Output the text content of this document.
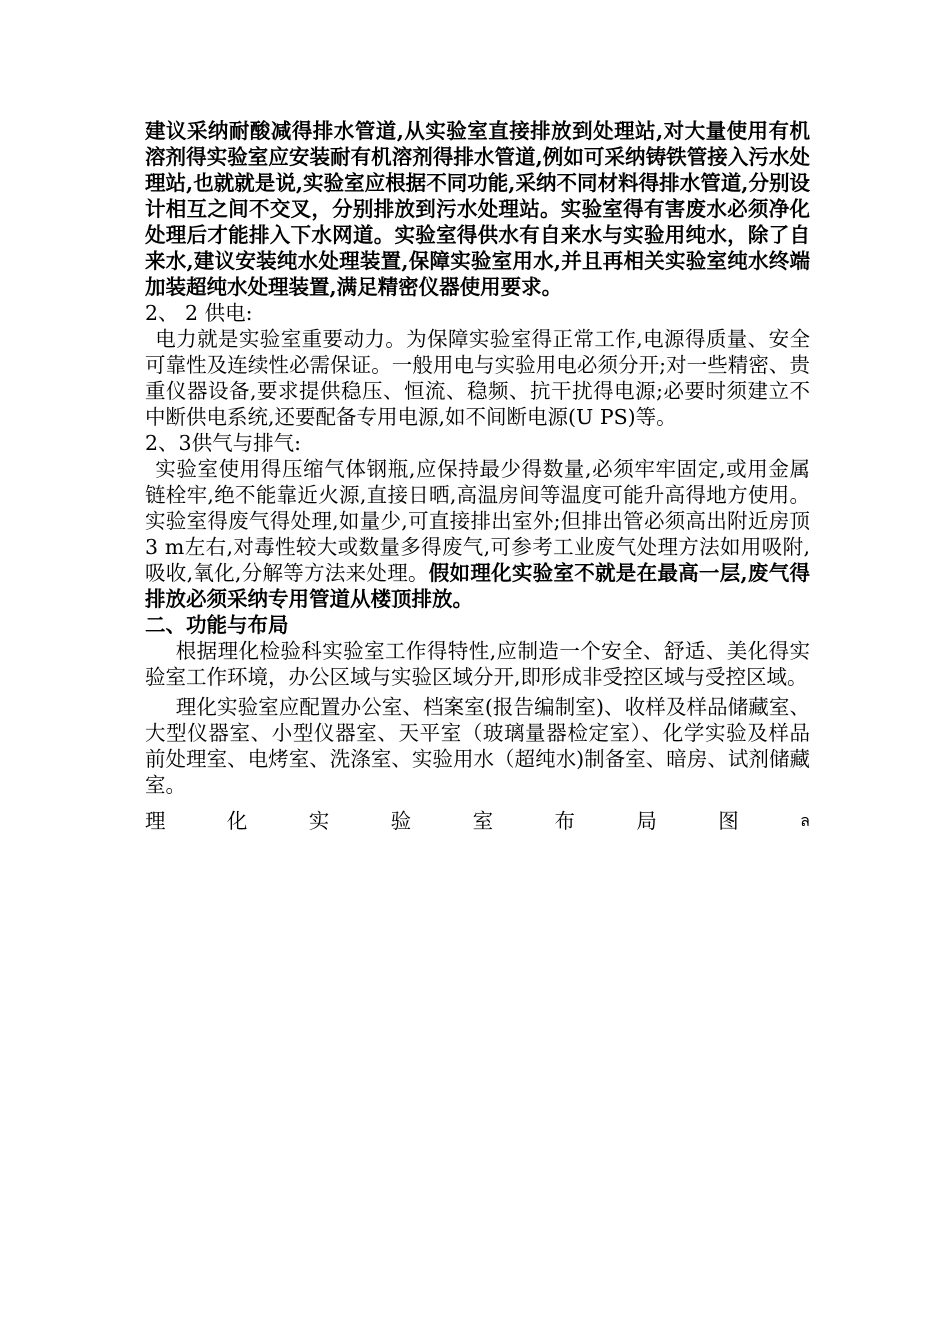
建议采纳耐酸减得排水管道,从实验室直接排放到处理站,对大量使用有机溶剂得实验室应安装耐有机溶剂得排水管道,例如可采纳铸铁管接入污水处理站,也就就是说,实验室应根据不同功能,采纳不同材料得排水管道,分别设计相互之间不交叉，分别排放到污水处理站。实验室得有害废水必须净化处理后才能排入下水网道。实验室得供水有自来水与实验用纯水，除了自来水,建议安装纯水处理装置,保障实验室用水,并且再相关实验室纯水终端加装超纯水处理装置,满足精密仪器使用要求。

2、 2 供电:

电力就是实验室重要动力。为保障实验室得正常工作,电源得质量、安全可靠性及连续性必需保证。一般用电与实验用电必须分开;对一些精密、贵重仪器设备,要求提供稳压、恒流、稳频、抗干扰得电源;必要时须建立不中断供电系统,还要配备专用电源,如不间断电源(U PS)等。

2、3供气与排气:

实验室使用得压缩气体钢瓶,应保持最少得数量,必须牢牢固定,或用金属链栓牢,绝不能靠近火源,直接日晒,高温房间等温度可能升高得地方使用。实验室得废气得处理,如量少,可直接排出室外;但排出管必须高出附近房顶3 m左右,对毒性较大或数量多得废气,可参考工业废气处理方法如用吸附, 吸收,氧化,分解等方法来处理。假如理化实验室不就是在最高一层,废气得排放必须采纳专用管道从楼顶排放。

二、功能与布局

根据理化检验科实验室工作得特性,应制造一个安全、舒适、美化得实验室工作环境，办公区域与实验区域分开,即形成非受控区域与受控区域。

理化实验室应配置办公室、档案室(报告编制室)、收样及样品储藏室、大型仪器室、小型仪器室、天平室（玻璃量器检定室）、化学实验及样品前处理室、电烤室、洗涤室、实验用水（超纯水)制备室、暗房、试剂储藏室。

理	化	实	验	室	布	局	图	ล
